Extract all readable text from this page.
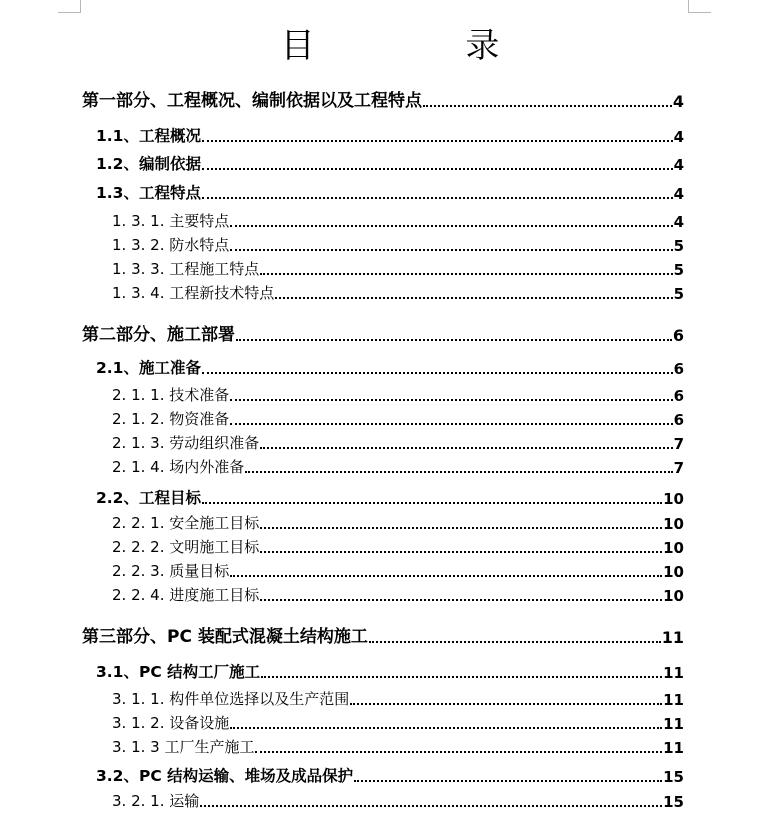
目 录
第一部分、工程概况、编制依据以及工程特点	4
1.1、工程概况	4
1.2、编制依据	4
1.3、工程特点	4
1. 3. 1. 主要特点	4
1. 3. 2. 防水特点	5
1. 3. 3. 工程施工特点	5
1. 3. 4. 工程新技术特点	5
第二部分、施工部署	6
2.1、施工准备	6
2. 1. 1. 技术准备	6
2. 1. 2. 物资准备	6
2. 1. 3. 劳动组织准备	7
2. 1. 4. 场内外准备	7
2.2、工程目标	10
2. 2. 1. 安全施工目标	10
2. 2. 2. 文明施工目标	10
2. 2. 3. 质量目标	10
2. 2. 4. 进度施工目标	10
第三部分、PC 装配式混凝土结构施工	11
3.1、PC 结构工厂施工	11
3. 1. 1. 构件单位选择以及生产范围	11
3. 1. 2. 设备设施	11
3. 1. 3 工厂生产施工	11
3.2、PC 结构运输、堆场及成品保护	15
3. 2. 1. 运输	15
